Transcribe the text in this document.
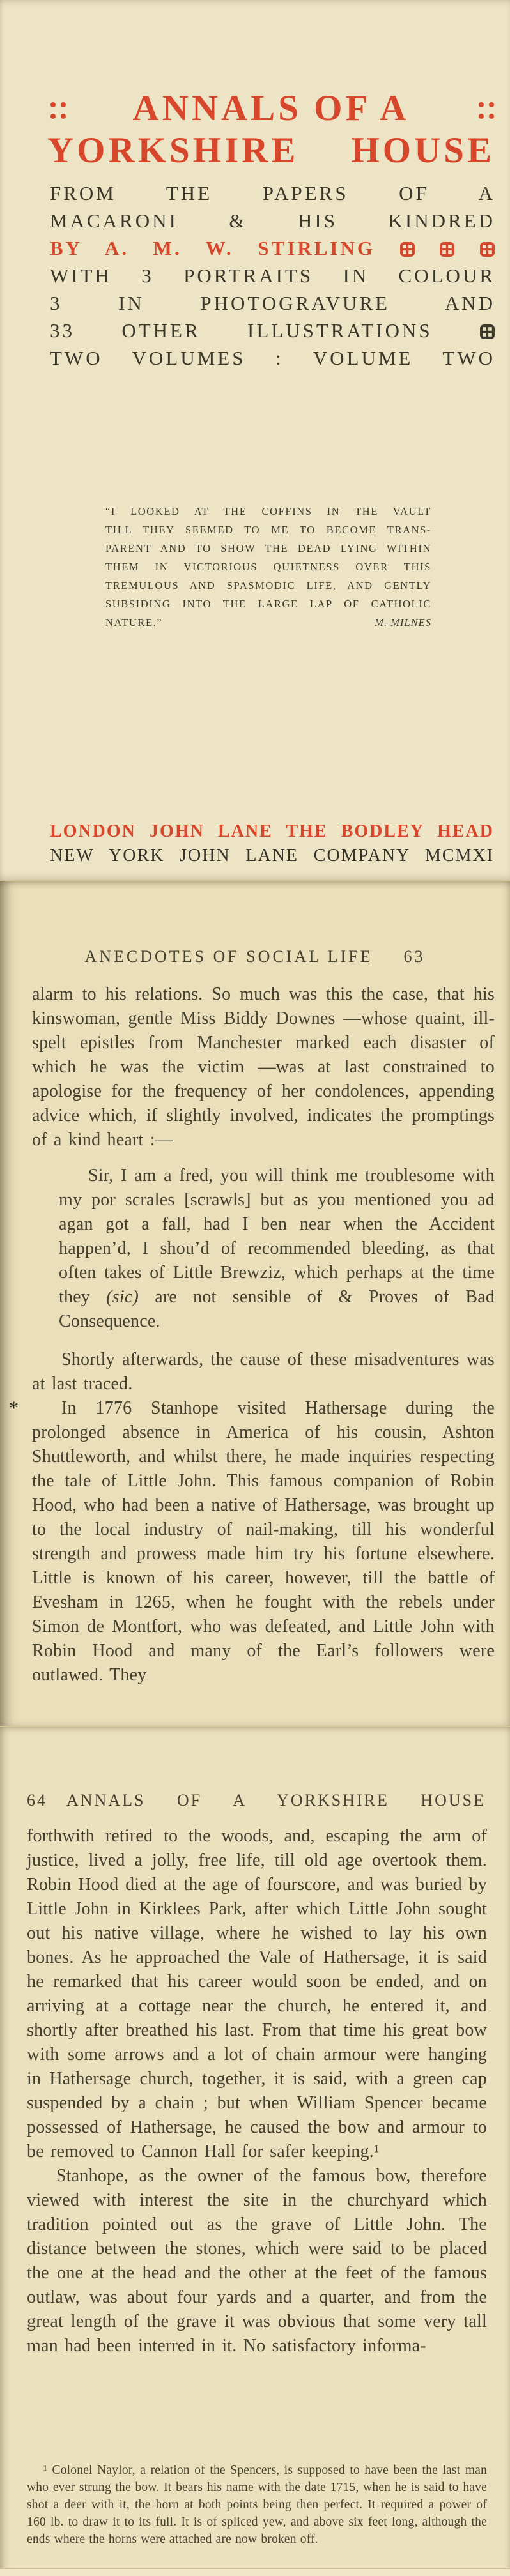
ANNALS OF A
YORKSHIRE HOUSE
FROM THE PAPERS OF A
MACARONI & HIS KINDRED
BY A. M. W. STIRLING
WITH 3 PORTRAITS IN COLOUR
3 IN PHOTOGRAVURE AND
33 OTHER ILLUSTRATIONS
TWO VOLUMES : VOLUME TWO
“I LOOKED AT THE COFFINS IN THE VAULT
TILL THEY SEEMED TO ME TO BECOME TRANS-
PARENT AND TO SHOW THE DEAD LYING WITHIN
THEM IN VICTORIOUS QUIETNESS OVER THIS
TREMULOUS AND SPASMODIC LIFE, AND GENTLY
SUBSIDING INTO THE LARGE LAP OF CATHOLIC
NATURE.”	M. MILNES
LONDON JOHN LANE THE BODLEY HEAD
NEW YORK JOHN LANE COMPANY MCMXI
ANECDOTES OF SOCIAL LIFE 63

alarm to his relations. So much was this the case, that his kinswoman, gentle Miss Biddy Downes —whose quaint, ill-spelt epistles from Manchester marked each disaster of which he was the victim —was at last constrained to apologise for the frequency of her condolences, appending advice which, if slightly involved, indicates the promptings of a kind heart :—

Sir, I am a fred, you will think me troublesome with my por scrales [scrawls] but as you mentioned you ad agan got a fall, had I ben near when the Accident happen’d, I shou’d of recommended bleeding, as that often takes of Little Brewziz, which perhaps at the time they (sic) are not sensible of & Proves of Bad Consequence.

Shortly afterwards, the cause of these misadventures was at last traced.

*	In 1776 Stanhope visited Hathersage during the prolonged absence in America of his cousin, Ashton Shuttleworth, and whilst there, he made inquiries respecting the tale of Little John. This famous companion of Robin Hood, who had been a native of Hathersage, was brought up to the local industry of nail-making, till his wonderful strength and prowess made him try his fortune elsewhere. Little is known of his career, however, till the battle of Evesham in 1265, when he fought with the rebels under Simon de Montfort, who was defeated, and Little John with Robin Hood and many of the Earl’s followers were outlawed. They

64 ANNALS OF A YORKSHIRE HOUSE

forthwith retired to the woods, and, escaping the arm of justice, lived a jolly, free life, till old age overtook them. Robin Hood died at the age of fourscore, and was buried by Little John in Kirklees Park, after which Little John sought out his native village, where he wished to lay his own bones. As he approached the Vale of Hathersage, it is said he remarked that his career would soon be ended, and on arriving at a cottage near the church, he entered it, and shortly after breathed his last. From that time his great bow with some arrows and a lot of chain armour were hanging in Hathersage church, together, it is said, with a green cap suspended by a chain ; but when William Spencer became possessed of Hathersage, he caused the bow and armour to be removed to Cannon Hall for safer keeping.¹

Stanhope, as the owner of the famous bow, therefore viewed with interest the site in the churchyard which tradition pointed out as the grave of Little John. The distance between the stones, which were said to be placed the one at the head and the other at the feet of the famous outlaw, was about four yards and a quarter, and from the great length of the grave it was obvious that some very tall man had been interred in it. No satisfactory informa-

¹ Colonel Naylor, a relation of the Spencers, is supposed to have been the last man who ever strung the bow. It bears his name with the date 1715, when he is said to have shot a deer with it, the horn at both points being then perfect. It required a power of 160 lb. to draw it to its full. It is of spliced yew, and above six feet long, although the ends where the horns were attached are now broken off.
